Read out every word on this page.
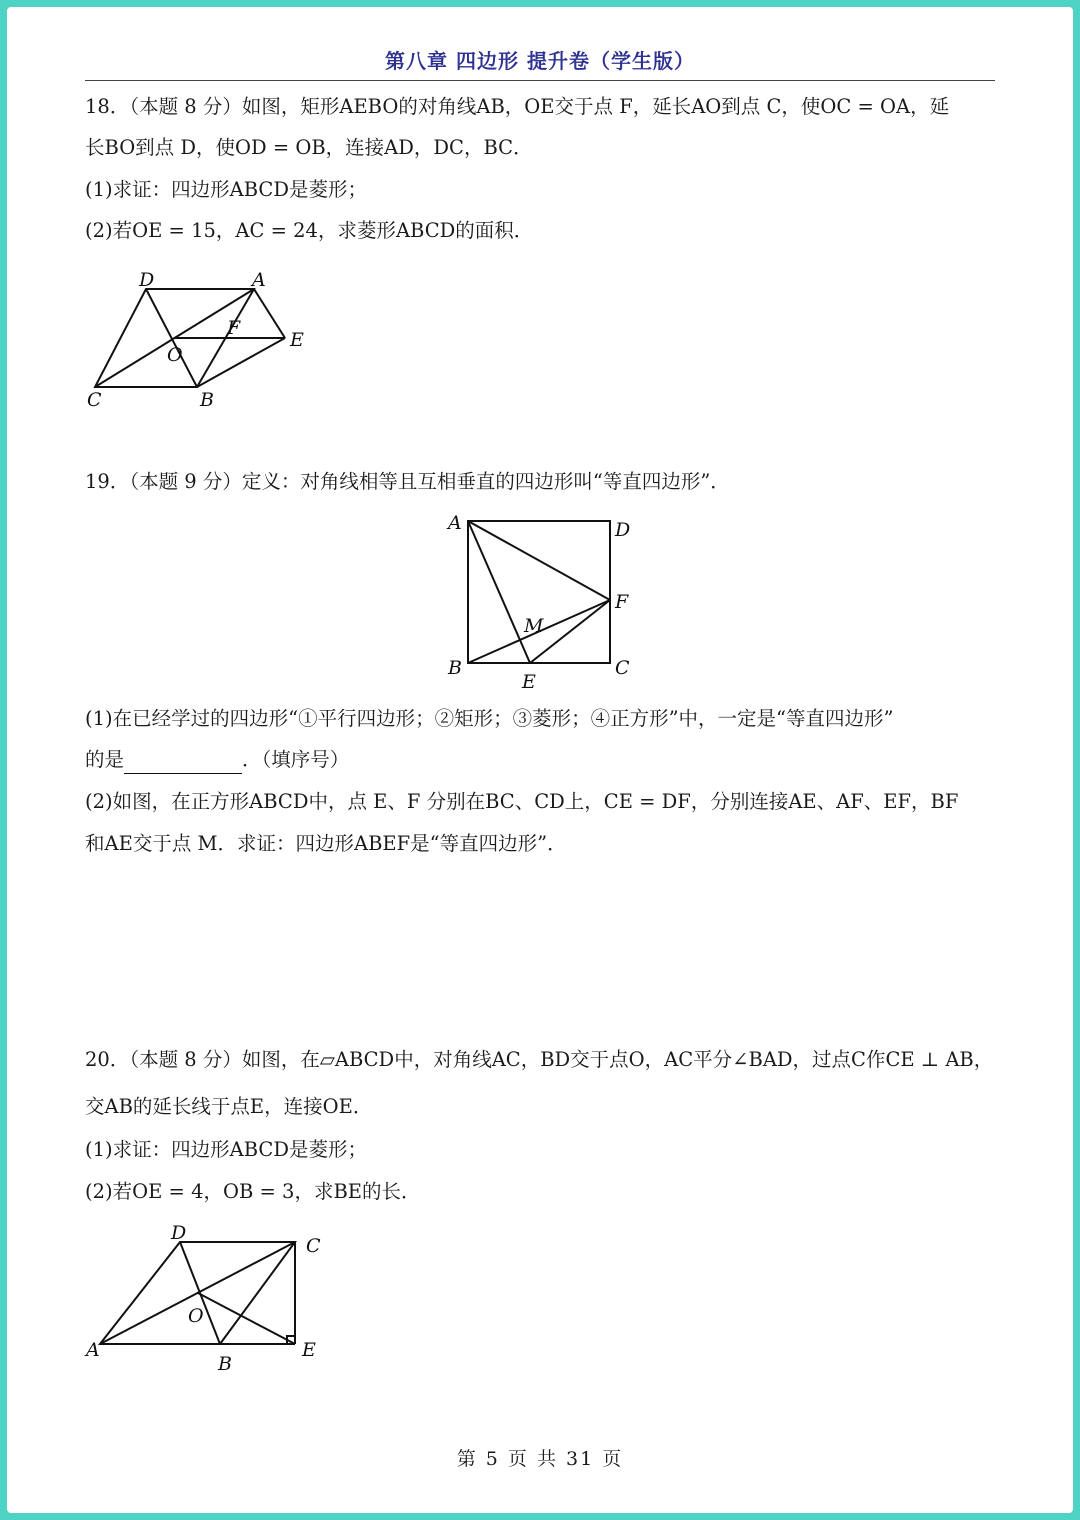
第八章 四边形 提升卷（学生版）
18．（本题 8 分）如图，矩形AEBO的对角线AB，OE交于点 F，延长AO到点 C，使OC = OA，延
长BO到点 D，使OD = OB，连接AD，DC，BC．
(1)求证：四边形ABCD是菱形；
(2)若OE = 15，AC = 24，求菱形ABCD的面积．
D	A
F
E
O
C	B
19．（本题 9 分）定义：对角线相等且互相垂直的四边形叫“等直四边形”．
A	D
F
M
B
E
C
(1)在已经学过的四边形“①平行四边形；②矩形；③菱形；④正方形”中，一定是“等直四边形”
的是	．（填序号）
(2)如图，在正方形ABCD中，点 E、F 分别在BC、CD上，CE = DF，分别连接AE、AF、EF，BF
和AE交于点 M．求证：四边形ABEF是“等直四边形”．
20．（本题 8 分）如图，在▱ABCD中，对角线AC，BD交于点O，AC平分∠BAD，过点C作CE ⊥ AB，
交AB的延长线于点E，连接OE．
(1)求证：四边形ABCD是菱形；
(2)若OE = 4，OB = 3，求BE的长．
D
C
O
A
B
E
第 5 页 共 31 页
